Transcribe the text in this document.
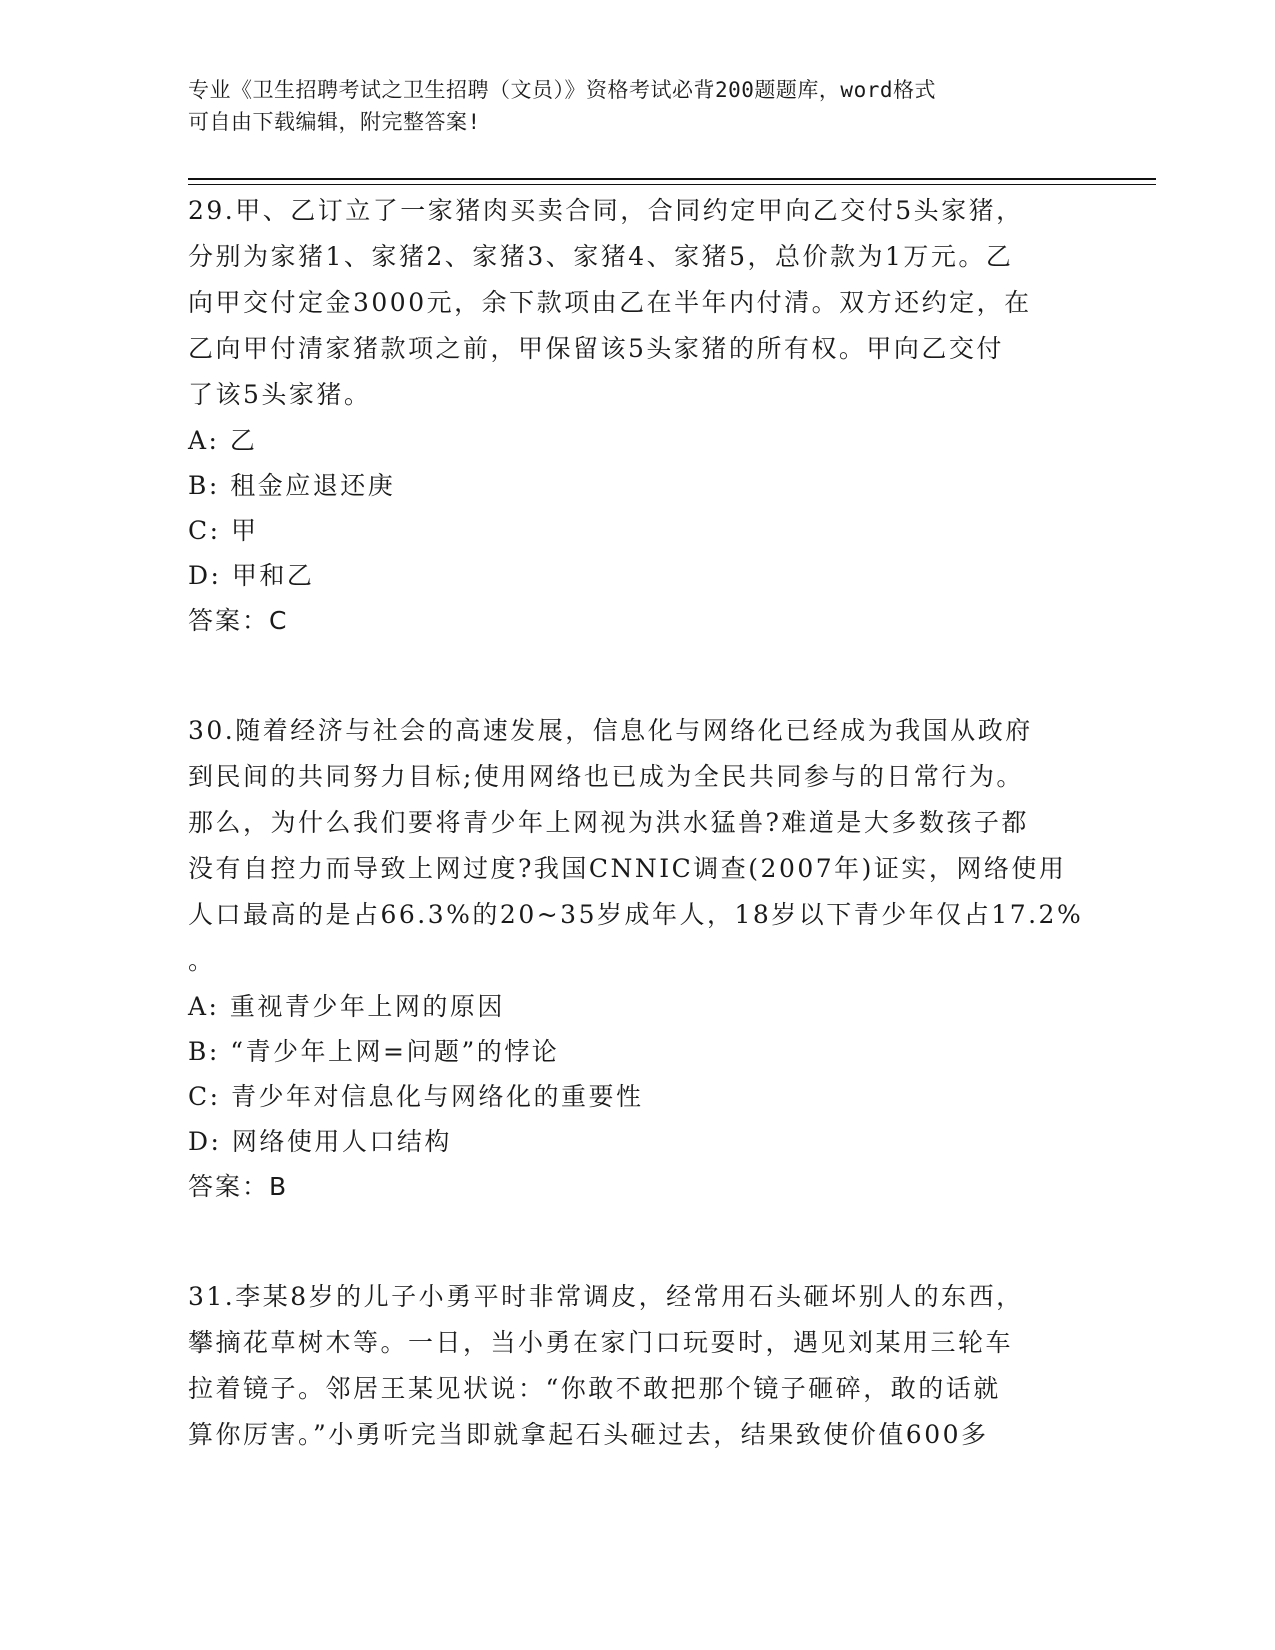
专业《卫生招聘考试之卫生招聘（文员）》资格考试必背200题题库，word格式
可自由下载编辑，附完整答案!
29.甲、乙订立了一家猪肉买卖合同，合同约定甲向乙交付5头家猪，
分别为家猪1、家猪2、家猪3、家猪4、家猪5，总价款为1万元。乙
向甲交付定金3000元，余下款项由乙在半年内付清。双方还约定，在
乙向甲付清家猪款项之前，甲保留该5头家猪的所有权。甲向乙交付
了该5头家猪。
A: 乙
B: 租金应退还庚
C: 甲
D: 甲和乙
答案：C
30.随着经济与社会的高速发展，信息化与网络化已经成为我国从政府
到民间的共同努力目标;使用网络也已成为全民共同参与的日常行为。
那么，为什么我们要将青少年上网视为洪水猛兽?难道是大多数孩子都
没有自控力而导致上网过度?我国CNNIC调查(2007年)证实，网络使用
人口最高的是占66.3%的20~35岁成年人，18岁以下青少年仅占17.2%
。
A: 重视青少年上网的原因
B: “青少年上网=问题”的悖论
C: 青少年对信息化与网络化的重要性
D: 网络使用人口结构
答案：B
31.李某8岁的儿子小勇平时非常调皮，经常用石头砸坏别人的东西，
攀摘花草树木等。一日，当小勇在家门口玩耍时，遇见刘某用三轮车
拉着镜子。邻居王某见状说：“你敢不敢把那个镜子砸碎，敢的话就
算你厉害。”小勇听完当即就拿起石头砸过去，结果致使价值600多
